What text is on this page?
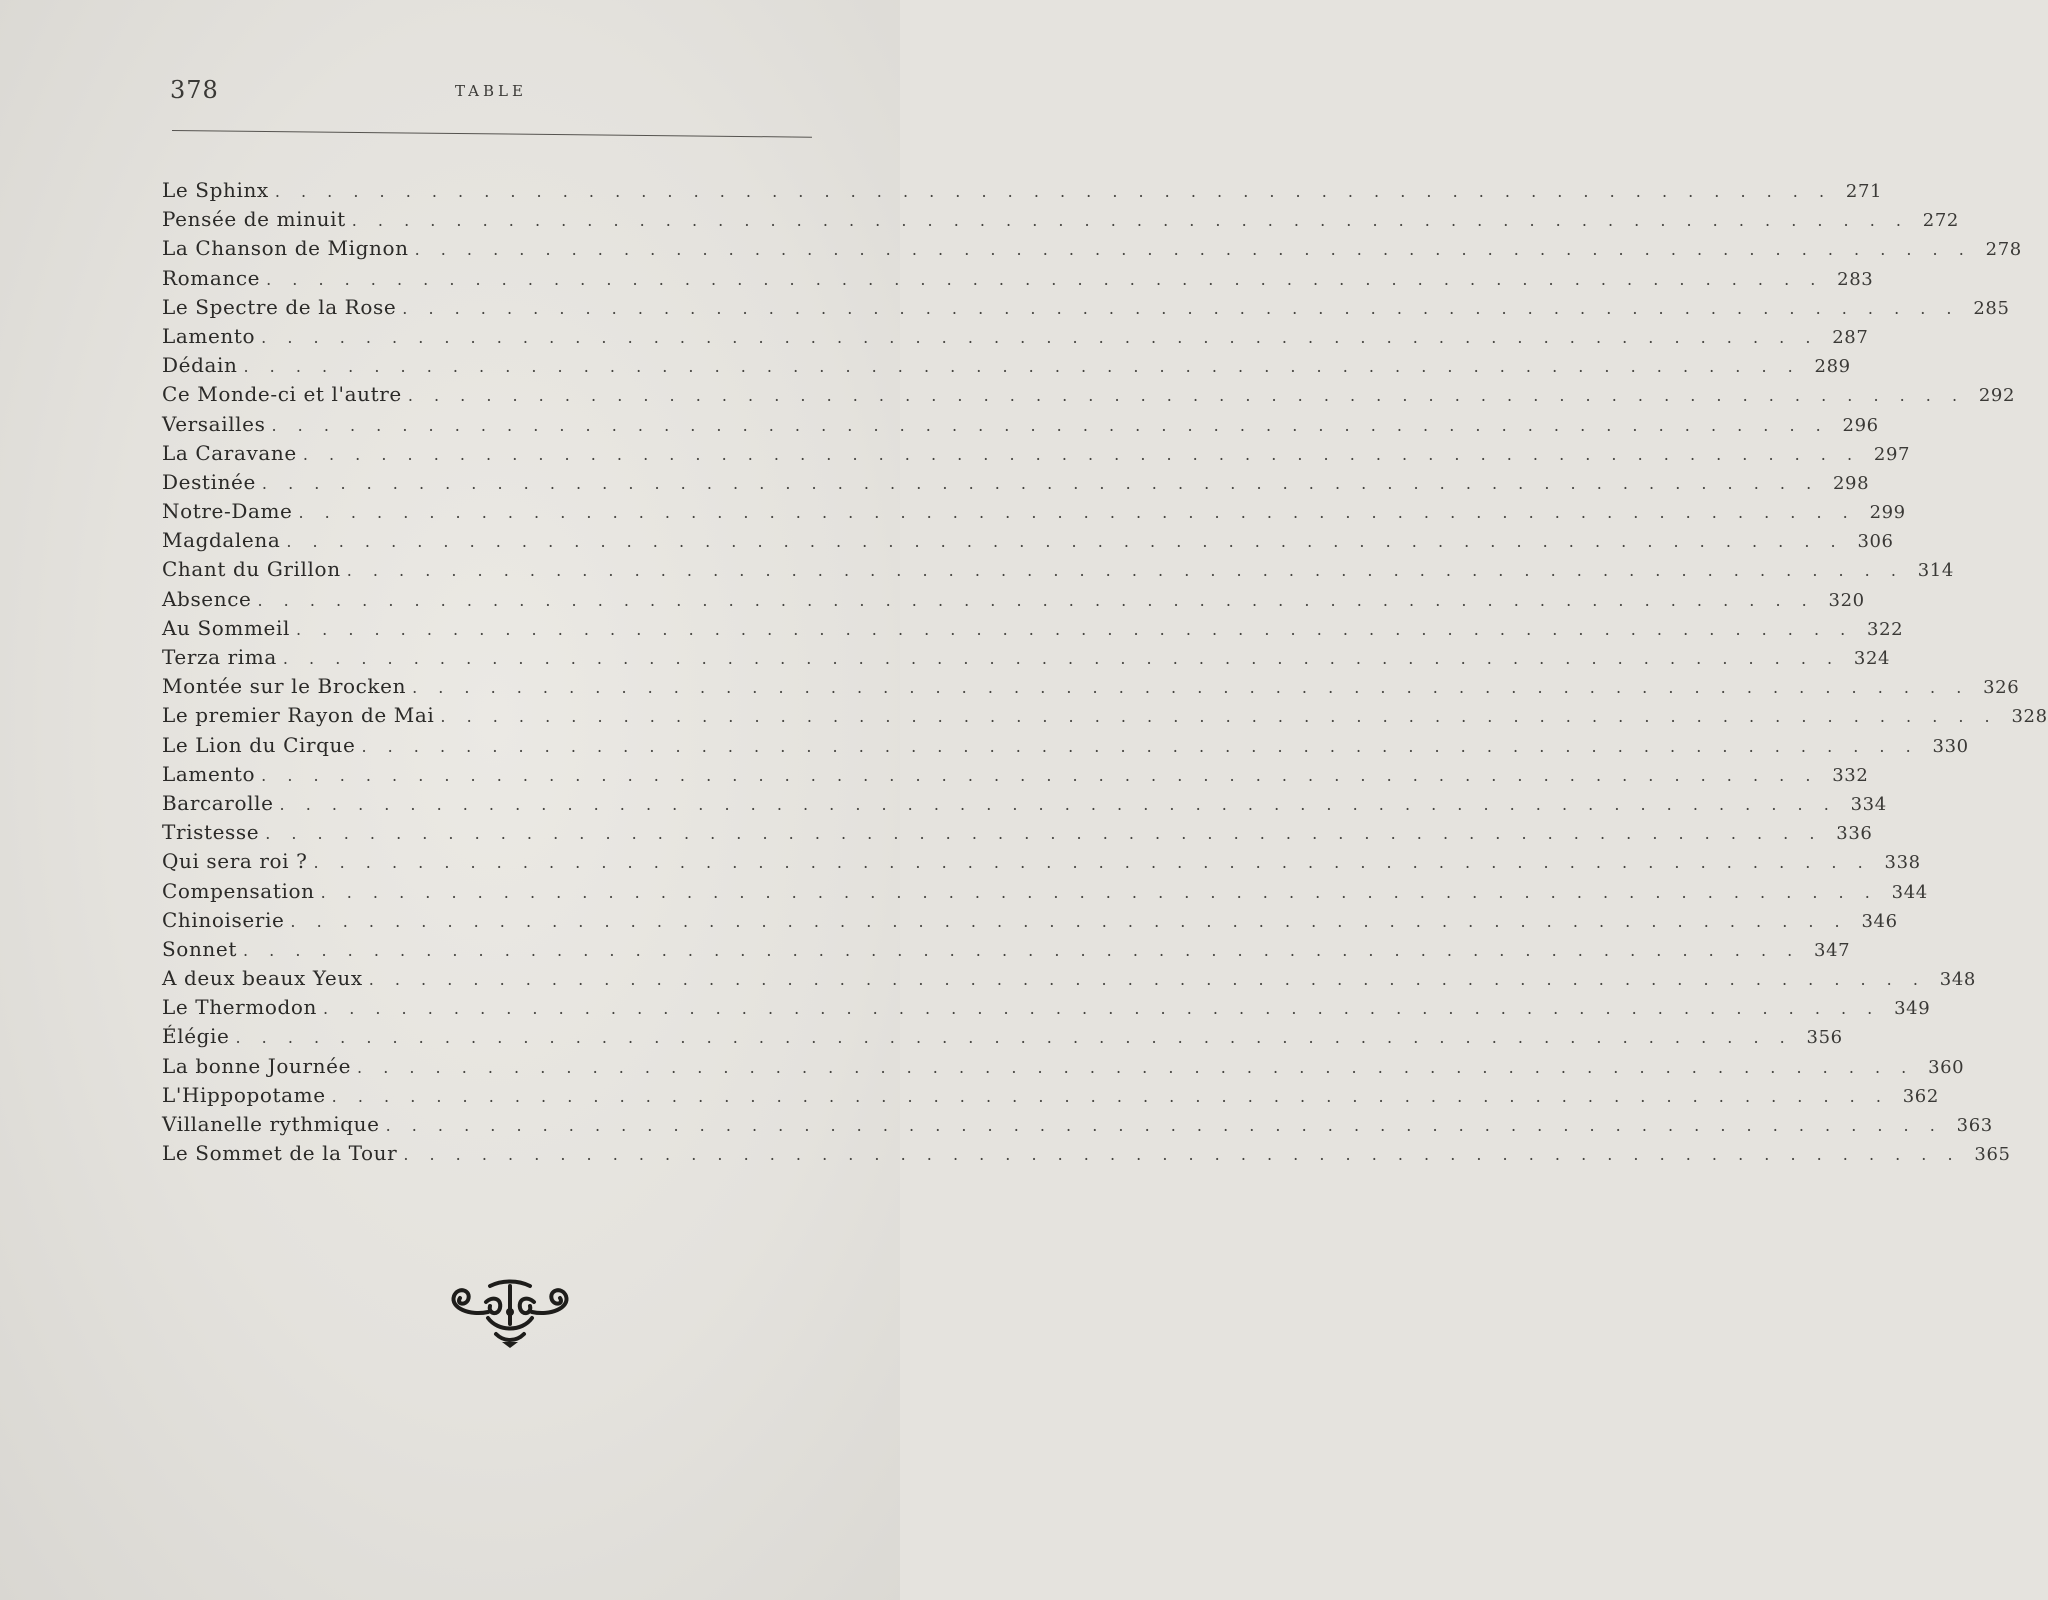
378	TABLE
Le Sphinx . . . . . . . . . . . . . . . . . . . . . . . . . . . . . . . . . . . . . . . . . . . . . . . . . . . . . . . . . . . . 271
Pensée de minuit . . . . . . . . . . . . . . . . . . . . . . . . . . . . . . . . . . . . . . . . . . . . . . . . . . . . . . . . . . . . 272
La Chanson de Mignon . . . . . . . . . . . . . . . . . . . . . . . . . . . . . . . . . . . . . . . . . . . . . . . . . . . . . . . . . . . . 278
Romance . . . . . . . . . . . . . . . . . . . . . . . . . . . . . . . . . . . . . . . . . . . . . . . . . . . . . . . . . . . . 283
Le Spectre de la Rose . . . . . . . . . . . . . . . . . . . . . . . . . . . . . . . . . . . . . . . . . . . . . . . . . . . . . . . . . . . . 285
Lamento . . . . . . . . . . . . . . . . . . . . . . . . . . . . . . . . . . . . . . . . . . . . . . . . . . . . . . . . . . . . 287
Dédain . . . . . . . . . . . . . . . . . . . . . . . . . . . . . . . . . . . . . . . . . . . . . . . . . . . . . . . . . . . . 289
Ce Monde-ci et l'autre . . . . . . . . . . . . . . . . . . . . . . . . . . . . . . . . . . . . . . . . . . . . . . . . . . . . . . . . . . . . 292
Versailles . . . . . . . . . . . . . . . . . . . . . . . . . . . . . . . . . . . . . . . . . . . . . . . . . . . . . . . . . . . . 296
La Caravane . . . . . . . . . . . . . . . . . . . . . . . . . . . . . . . . . . . . . . . . . . . . . . . . . . . . . . . . . . . . 297
Destinée . . . . . . . . . . . . . . . . . . . . . . . . . . . . . . . . . . . . . . . . . . . . . . . . . . . . . . . . . . . . 298
Notre-Dame . . . . . . . . . . . . . . . . . . . . . . . . . . . . . . . . . . . . . . . . . . . . . . . . . . . . . . . . . . . . 299
Magdalena . . . . . . . . . . . . . . . . . . . . . . . . . . . . . . . . . . . . . . . . . . . . . . . . . . . . . . . . . . . . 306
Chant du Grillon . . . . . . . . . . . . . . . . . . . . . . . . . . . . . . . . . . . . . . . . . . . . . . . . . . . . . . . . . . . . 314
Absence . . . . . . . . . . . . . . . . . . . . . . . . . . . . . . . . . . . . . . . . . . . . . . . . . . . . . . . . . . . . 320
Au Sommeil . . . . . . . . . . . . . . . . . . . . . . . . . . . . . . . . . . . . . . . . . . . . . . . . . . . . . . . . . . . . 322
Terza rima . . . . . . . . . . . . . . . . . . . . . . . . . . . . . . . . . . . . . . . . . . . . . . . . . . . . . . . . . . . . 324
Montée sur le Brocken . . . . . . . . . . . . . . . . . . . . . . . . . . . . . . . . . . . . . . . . . . . . . . . . . . . . . . . . . . . . 326
Le premier Rayon de Mai . . . . . . . . . . . . . . . . . . . . . . . . . . . . . . . . . . . . . . . . . . . . . . . . . . . . . . . . . . . . 328
Le Lion du Cirque . . . . . . . . . . . . . . . . . . . . . . . . . . . . . . . . . . . . . . . . . . . . . . . . . . . . . . . . . . . . 330
Lamento . . . . . . . . . . . . . . . . . . . . . . . . . . . . . . . . . . . . . . . . . . . . . . . . . . . . . . . . . . . . 332
Barcarolle . . . . . . . . . . . . . . . . . . . . . . . . . . . . . . . . . . . . . . . . . . . . . . . . . . . . . . . . . . . . 334
Tristesse . . . . . . . . . . . . . . . . . . . . . . . . . . . . . . . . . . . . . . . . . . . . . . . . . . . . . . . . . . . . 336
Qui sera roi ? . . . . . . . . . . . . . . . . . . . . . . . . . . . . . . . . . . . . . . . . . . . . . . . . . . . . . . . . . . . . 338
Compensation . . . . . . . . . . . . . . . . . . . . . . . . . . . . . . . . . . . . . . . . . . . . . . . . . . . . . . . . . . . . 344
Chinoiserie . . . . . . . . . . . . . . . . . . . . . . . . . . . . . . . . . . . . . . . . . . . . . . . . . . . . . . . . . . . . 346
Sonnet . . . . . . . . . . . . . . . . . . . . . . . . . . . . . . . . . . . . . . . . . . . . . . . . . . . . . . . . . . . . 347
A deux beaux Yeux . . . . . . . . . . . . . . . . . . . . . . . . . . . . . . . . . . . . . . . . . . . . . . . . . . . . . . . . . . . . 348
Le Thermodon . . . . . . . . . . . . . . . . . . . . . . . . . . . . . . . . . . . . . . . . . . . . . . . . . . . . . . . . . . . . 349
Élégie . . . . . . . . . . . . . . . . . . . . . . . . . . . . . . . . . . . . . . . . . . . . . . . . . . . . . . . . . . . . 356
La bonne Journée . . . . . . . . . . . . . . . . . . . . . . . . . . . . . . . . . . . . . . . . . . . . . . . . . . . . . . . . . . . . 360
L'Hippopotame . . . . . . . . . . . . . . . . . . . . . . . . . . . . . . . . . . . . . . . . . . . . . . . . . . . . . . . . . . . . 362
Villanelle rythmique . . . . . . . . . . . . . . . . . . . . . . . . . . . . . . . . . . . . . . . . . . . . . . . . . . . . . . . . . . . . 363
Le Sommet de la Tour . . . . . . . . . . . . . . . . . . . . . . . . . . . . . . . . . . . . . . . . . . . . . . . . . . . . . . . . . . . . 365
